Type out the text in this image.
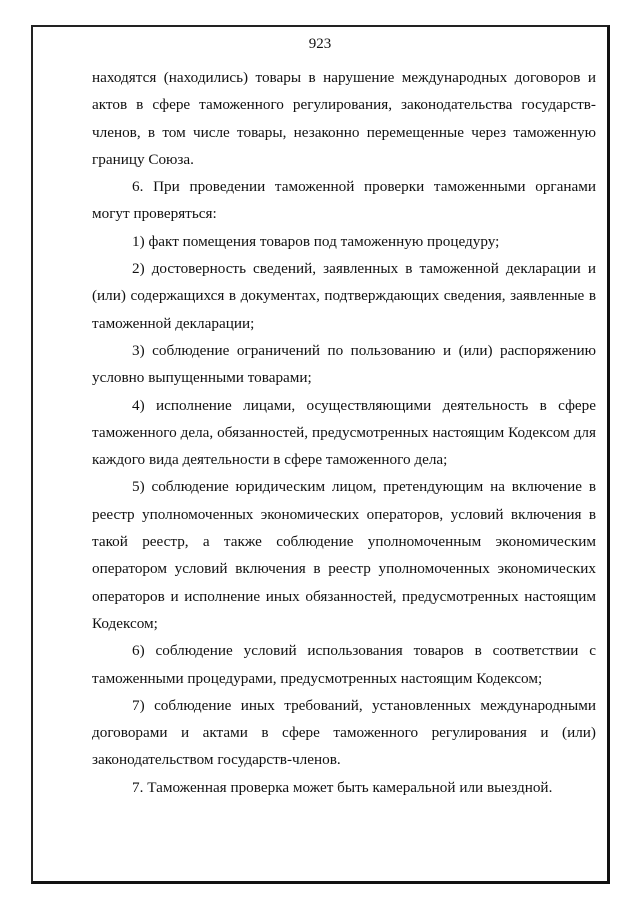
923

находятся (находились) товары в нарушение международных договоров и актов в сфере таможенного регулирования, законодательства государств-членов, в том числе товары, незаконно перемещенные через таможенную границу Союза.

6. При проведении таможенной проверки таможенными органами могут проверяться:

1) факт помещения товаров под таможенную процедуру;

2) достоверность сведений, заявленных в таможенной декларации и (или) содержащихся в документах, подтверждающих сведения, заявленные в таможенной декларации;

3) соблюдение ограничений по пользованию и (или) распоряжению условно выпущенными товарами;

4) исполнение лицами, осуществляющими деятельность в сфере таможенного дела, обязанностей, предусмотренных настоящим Кодексом для каждого вида деятельности в сфере таможенного дела;

5) соблюдение юридическим лицом, претендующим на включение в реестр уполномоченных экономических операторов, условий включения в такой реестр, а также соблюдение уполномоченным экономическим оператором условий включения в реестр уполномоченных экономических операторов и исполнение иных обязанностей, предусмотренных настоящим Кодексом;

6) соблюдение условий использования товаров в соответствии с таможенными процедурами, предусмотренных настоящим Кодексом;

7) соблюдение иных требований, установленных международными договорами и актами в сфере таможенного регулирования и (или) законодательством государств-членов.

7. Таможенная проверка может быть камеральной или выездной.
